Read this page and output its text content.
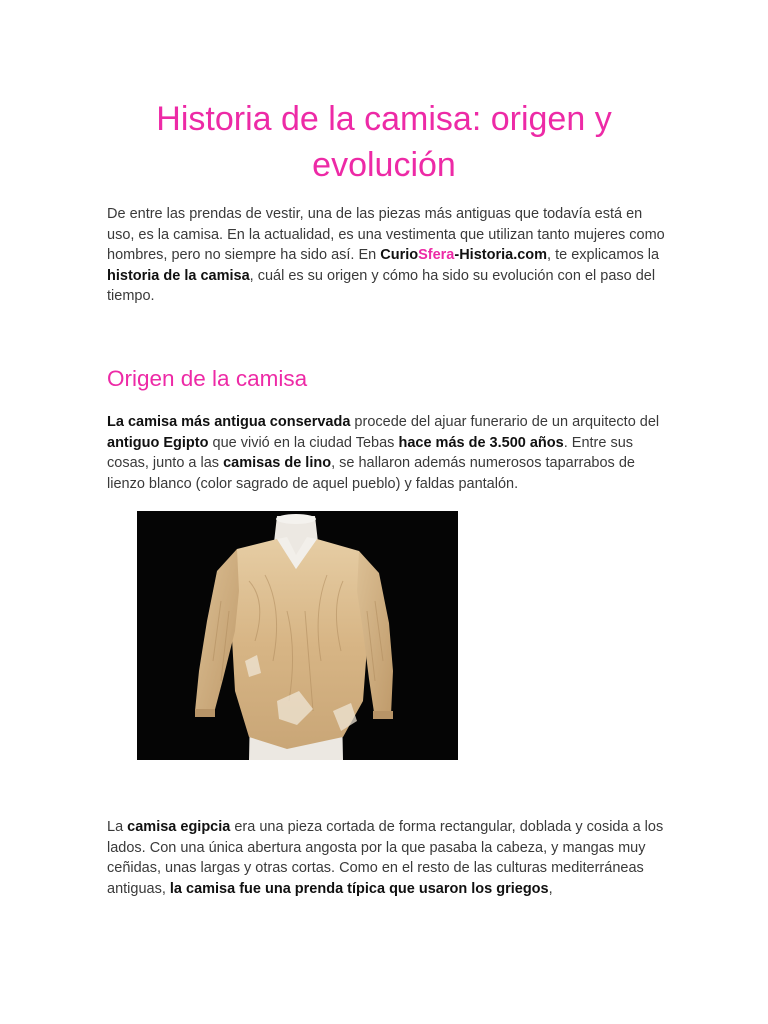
Historia de la camisa: origen y evolución

De entre las prendas de vestir, una de las piezas más antiguas que todavía está en uso, es la camisa. En la actualidad, es una vestimenta que utilizan tanto mujeres como hombres, pero no siempre ha sido así. En CurioSfera-Historia.com, te explicamos la historia de la camisa, cuál es su origen y cómo ha sido su evolución con el paso del tiempo.

Origen de la camisa

La camisa más antigua conservada procede del ajuar funerario de un arquitecto del antiguo Egipto que vivió en la ciudad Tebas hace más de 3.500 años. Entre sus cosas, junto a las camisas de lino, se hallaron además numerosos taparrabos de lienzo blanco (color sagrado de aquel pueblo) y faldas pantalón.

La camisa egipcia era una pieza cortada de forma rectangular, doblada y cosida a los lados. Con una única abertura angosta por la que pasaba la cabeza, y mangas muy ceñidas, unas largas y otras cortas. Como en el resto de las culturas mediterráneas antiguas, la camisa fue una prenda típica que usaron los griegos,
